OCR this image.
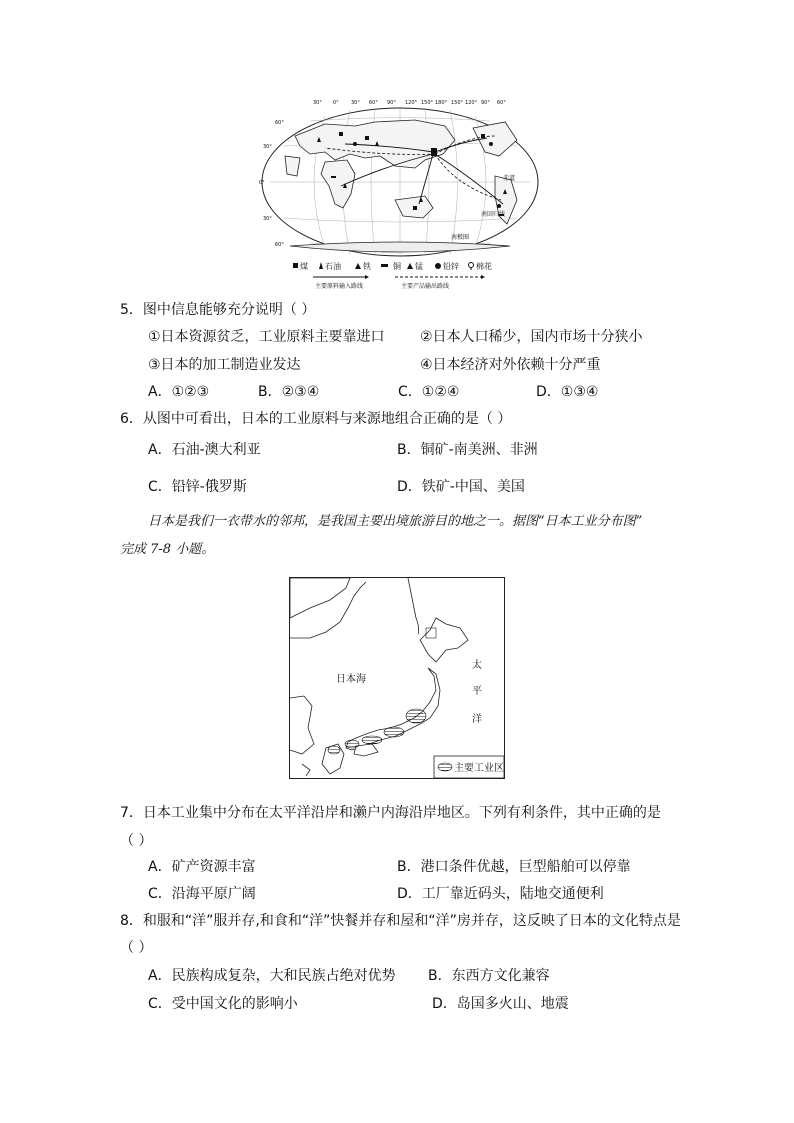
30° 0° 30° 60° 90° 120° 150° 180° 150° 120° 90° 60°
赤道
南回归线
南极圈
60°
30°
0°
30°
60°
煤 石油	铁	铜 锰	铅锌 棉花
主要原料输入路线	主要产品输出路线
5．图中信息能够充分说明（ ）
①日本资源贫乏，工业原料主要靠进口	②日本人口稀少，国内市场十分狭小
③日本的加工制造业发达	④日本经济对外依赖十分严重
A．①②③	B．②③④	C．①②④	D．①③④
6．从图中可看出，日本的工业原料与来源地组合正确的是（ ）
A．石油-澳大利亚	B．铜矿-南美洲、非洲
C．铅锌-俄罗斯	D．铁矿-中国、美国
日本是我们一衣带水的邻邦，是我国主要出境旅游目的地之一。据图“日本工业分布图”
完成 7-8 小题。
日本海
太
平
洋
主要工业区
7．日本工业集中分布在太平洋沿岸和濑户内海沿岸地区。下列有利条件，其中正确的是
（ ）
A．矿产资源丰富	B．港口条件优越，巨型船舶可以停靠
C．沿海平原广阔	D．工厂靠近码头，陆地交通便利
8．和服和“洋”服并存,和食和“洋”快餐并存和屋和“洋”房并存，这反映了日本的文化特点是
（ ）
A．民族构成复杂，大和民族占绝对优势 B．东西方文化兼容
C．受中国文化的影响小	D．岛国多火山、地震
